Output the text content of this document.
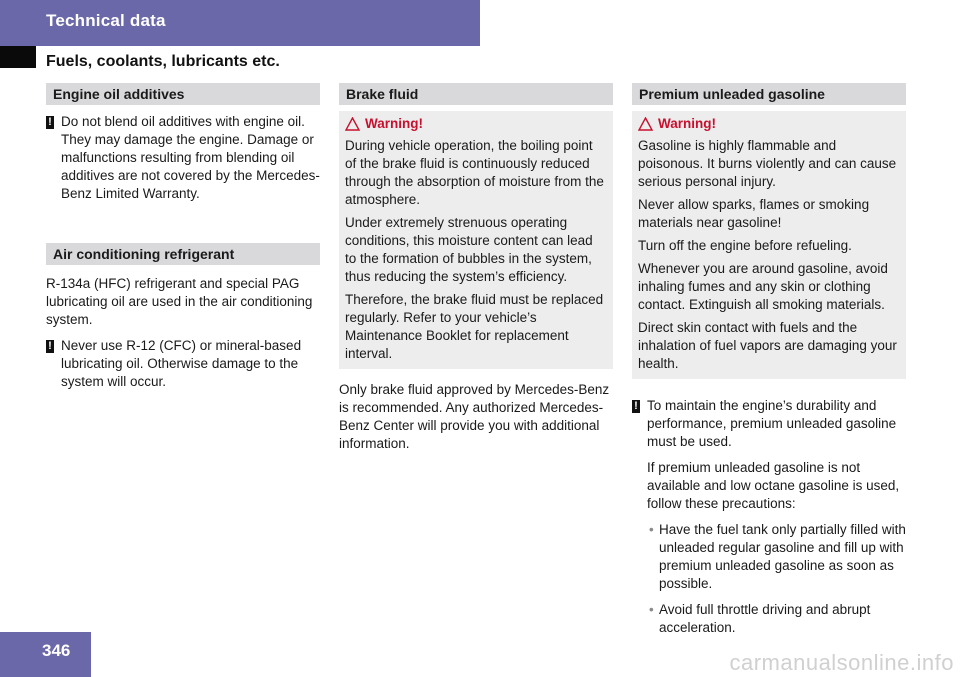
Technical data
Fuels, coolants, lubricants etc.
Engine oil additives
! Do not blend oil additives with engine oil. They may damage the engine. Damage or malfunctions resulting from blending oil additives are not covered by the Mercedes-Benz Limited Warranty.

Air conditioning refrigerant

R-134a (HFC) refrigerant and special PAG lubricating oil are used in the air conditioning system.

! Never use R-12 (CFC) or mineral-based lubricating oil. Otherwise damage to the system will occur.

Brake fluid
Warning!

During vehicle operation, the boiling point of the brake fluid is continuously reduced through the absorption of moisture from the atmosphere.

Under extremely strenuous operating conditions, this moisture content can lead to the formation of bubbles in the system, thus reducing the system’s efficiency.

Therefore, the brake fluid must be replaced regularly. Refer to your vehicle’s Maintenance Booklet for replacement interval.

Only brake fluid approved by Mercedes-Benz is recommended. Any authorized Mercedes-Benz Center will provide you with additional information.

Premium unleaded gasoline
Warning!

Gasoline is highly flammable and poisonous. It burns violently and can cause serious personal injury.

Never allow sparks, flames or smoking materials near gasoline!

Turn off the engine before refueling.

Whenever you are around gasoline, avoid inhaling fumes and any skin or clothing contact. Extinguish all smoking materials.

Direct skin contact with fuels and the inhalation of fuel vapors are damaging your health.

! To maintain the engine’s durability and performance, premium unleaded gasoline must be used.

If premium unleaded gasoline is not available and low octane gasoline is used, follow these precautions:

• Have the fuel tank only partially filled with unleaded regular gasoline and fill up with premium unleaded gasoline as soon as possible.

• Avoid full throttle driving and abrupt acceleration.

346	carmanualsonline.info
